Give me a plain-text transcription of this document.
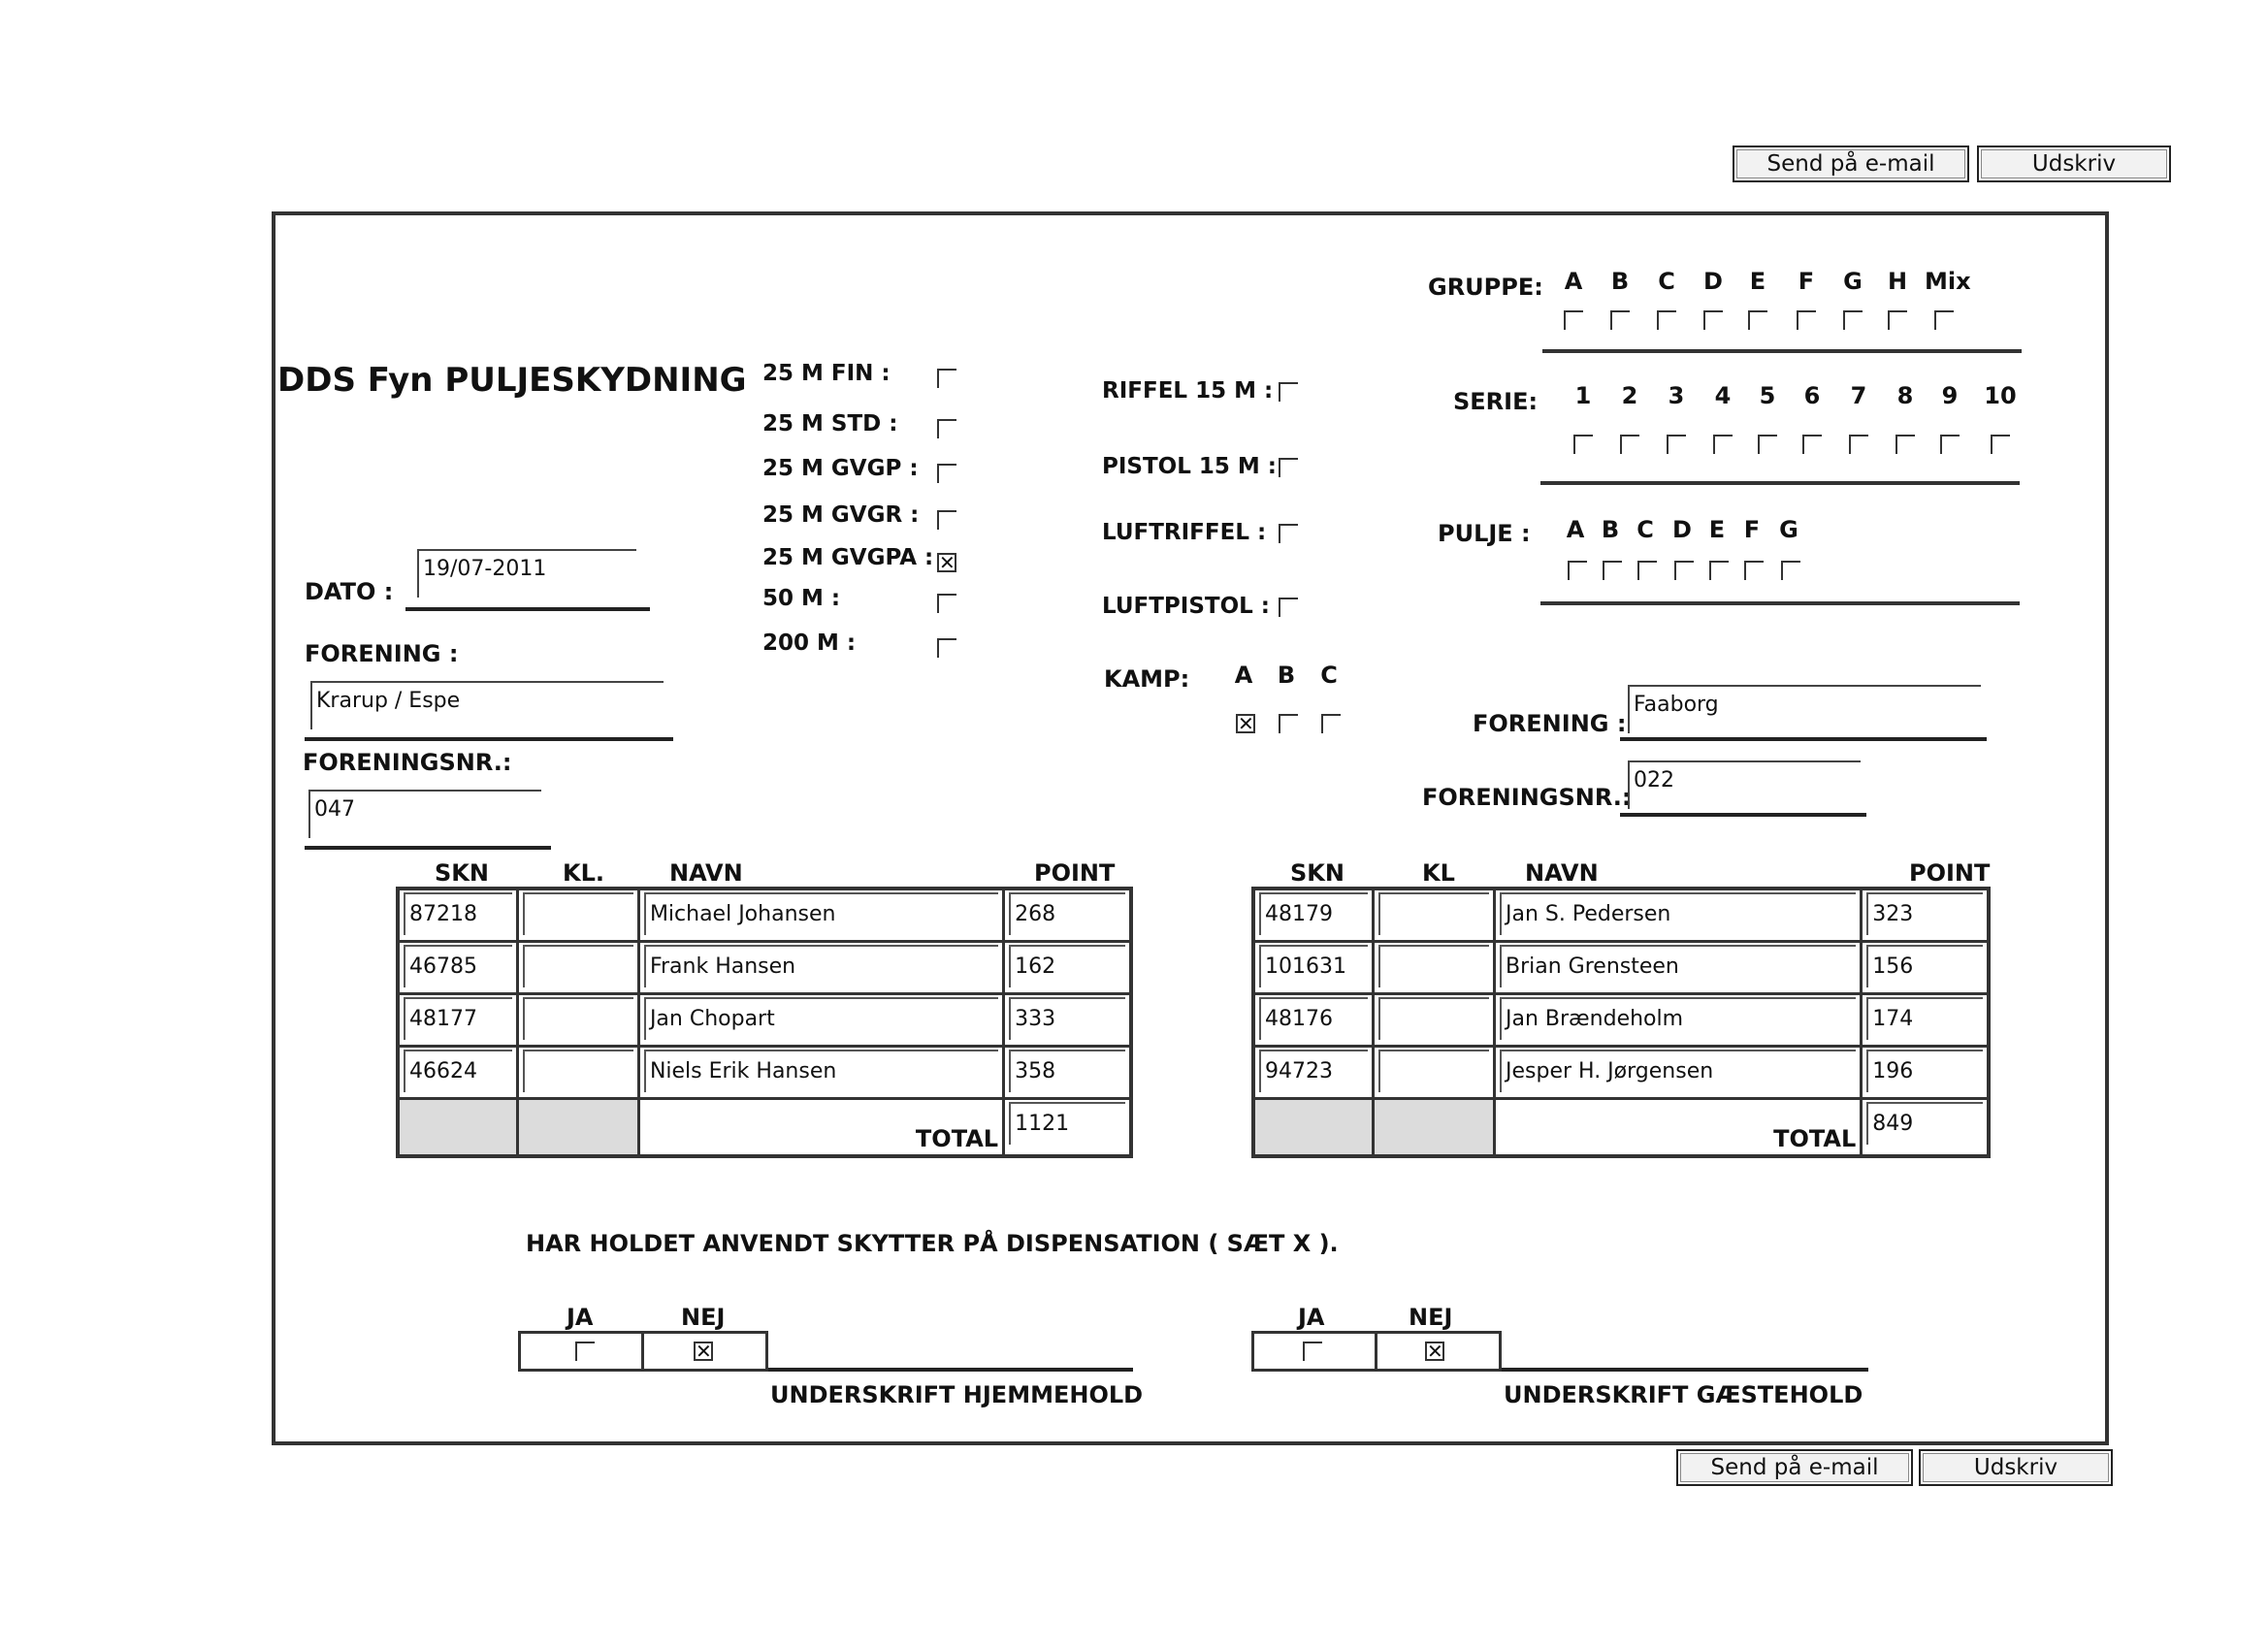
Send på e-mail	Udskriv
DDS Fyn PULJESKYDNING
DATO :
19/07-2011
FORENING :
Krarup / Espe
FORENINGSNR.:
047
25 M FIN :
25 M STD :
25 M GVGP :
25 M GVGR :
25 M GVGPA : ✕
50 M :
200 M :
RIFFEL 15 M :
PISTOL 15 M :
LUFTRIFFEL :
LUFTPISTOL :
KAMP:	A
✕
B	C
GRUPPE: A	B	C	D	E	F	G	H Mix
SERIE:	1	2	3	4	5	6	7	8	9	10
PULJE :	A B C D E F G
FORENING :
Faaborg
FORENINGSNR.:
022
SKN	KL.	NAVN	POINT
87218		Michael Johansen	268

46785		Frank Hansen	162

48177		Jan Chopart	333

46624		Niels Erik Hansen	358

		TOTAL	1121
SKN	KL	NAVN	POINT
48179		Jan S. Pedersen	323

101631		Brian Grensteen	156

48176		Jan Brændeholm	174

94723		Jesper H. Jørgensen	196

		TOTAL	849
HAR HOLDET ANVENDT SKYTTER PÅ DISPENSATION ( SÆT X ).
JA	NEJ
✕
UNDERSKRIFT HJEMMEHOLD
JA	NEJ
✕
UNDERSKRIFT GÆSTEHOLD
Send på e-mail	Udskriv
